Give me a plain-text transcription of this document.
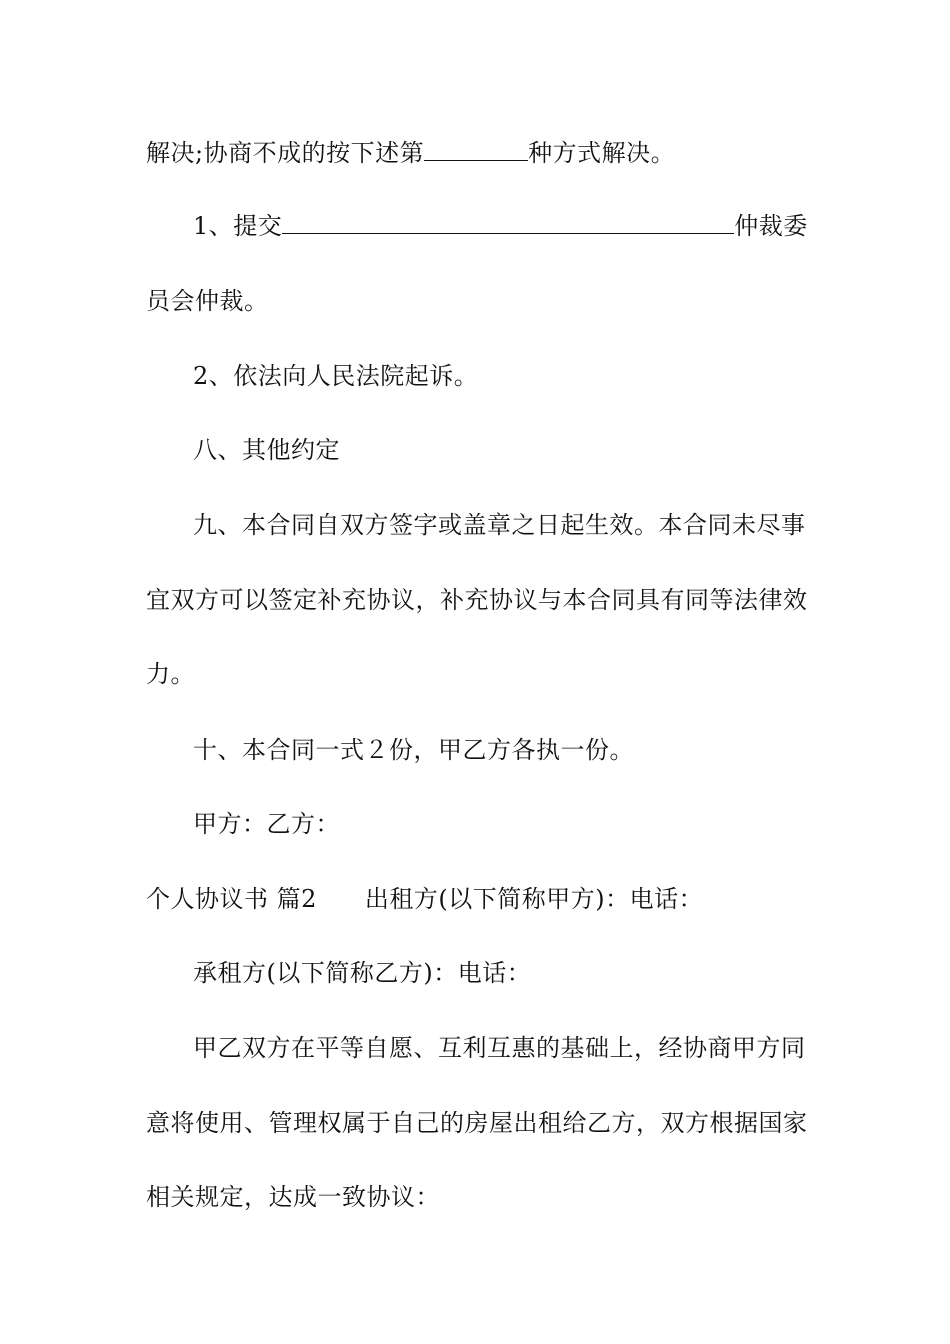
解决;协商不成的按下述第	种方式解决。
1、提交	仲裁委
员会仲裁。
2、依法向人民法院起诉。
八、其他约定
九、本合同自双方签字或盖章之日起生效。本合同未尽事
宜双方可以签定补充协议，补充协议与本合同具有同等法律效
力。
十、本合同一式２份，甲乙方各执一份。
甲方：乙方：
个人协议书 篇2 出租方(以下简称甲方)：电话：
承租方(以下简称乙方)：电话：
甲乙双方在平等自愿、互利互惠的基础上，经协商甲方同
意将使用、管理权属于自己的房屋出租给乙方，双方根据国家
相关规定，达成一致协议：
